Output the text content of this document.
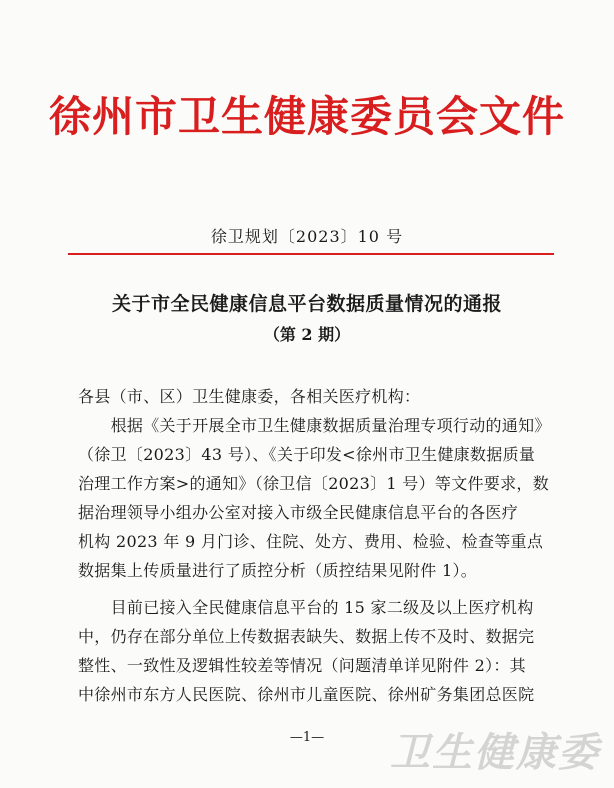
徐州市卫生健康委员会文件
徐卫规划〔2023〕10 号
关于市全民健康信息平台数据质量情况的通报
（第 2 期）
各县（市、区）卫生健康委，各相关医疗机构：
　　根据《关于开展全市卫生健康数据质量治理专项行动的通知》
（徐卫〔2023〕43 号）、《关于印发<徐州市卫生健康数据质量
治理工作方案>的通知》（徐卫信〔2023〕1 号）等文件要求，数
据治理领导小组办公室对接入市级全民健康信息平台的各医疗
机构 2023 年 9 月门诊、住院、处方、费用、检验、检查等重点
数据集上传质量进行了质控分析（质控结果见附件 1）。
　　目前已接入全民健康信息平台的 15 家二级及以上医疗机构
中，仍存在部分单位上传数据表缺失、数据上传不及时、数据完
整性、一致性及逻辑性较差等情况（问题清单详见附件 2）：其
中徐州市东方人民医院、徐州市儿童医院、徐州矿务集团总医院
—1—	卫生健康委
